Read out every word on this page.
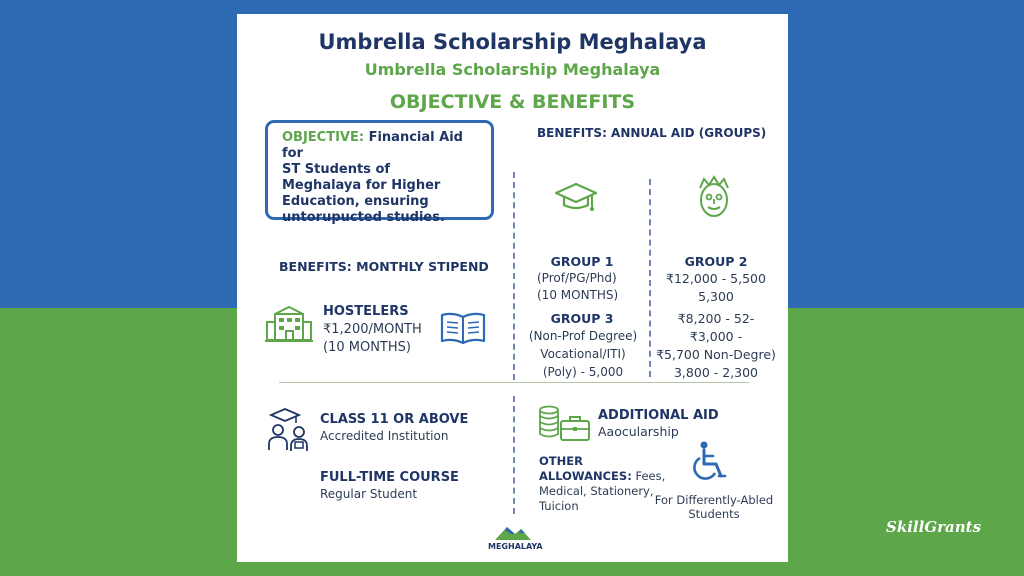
Umbrella Scholarship Meghalaya
Umbrella Scholarship Meghalaya
OBJECTIVE & BENEFITS
OBJECTIVE: Financial Aid for
ST Students of
Meghalaya for Higher
Education, ensuring
untorupucted studies.
BENEFITS: ANNUAL AID (GROUPS)
GROUP 1
(Prof/PG/Phd)
(10 MONTHS)
GROUP 3
(Non-Prof Degree)
Vocational/ITI)
(Poly) - 5,000
GROUP 2
₹12,000 - 5,500
5,300
₹8,200 - 52-
₹3,000 -
₹5,700 Non-Degre)
3,800 - 2,300
BENEFITS: MONTHLY STIPEND
HOSTELERS
₹1,200/MONTH
(10 MONTHS)
CLASS 11 OR ABOVE
Accredited Institution
FULL-TIME COURSE
Regular Student
ADDITIONAL AID
Aaocularship
OTHER
ALLOWANCES: Fees,
Medical, Stationery,
Tuicion	For Differently-Abled
Students
MEGHALAYA
SkillGrants
